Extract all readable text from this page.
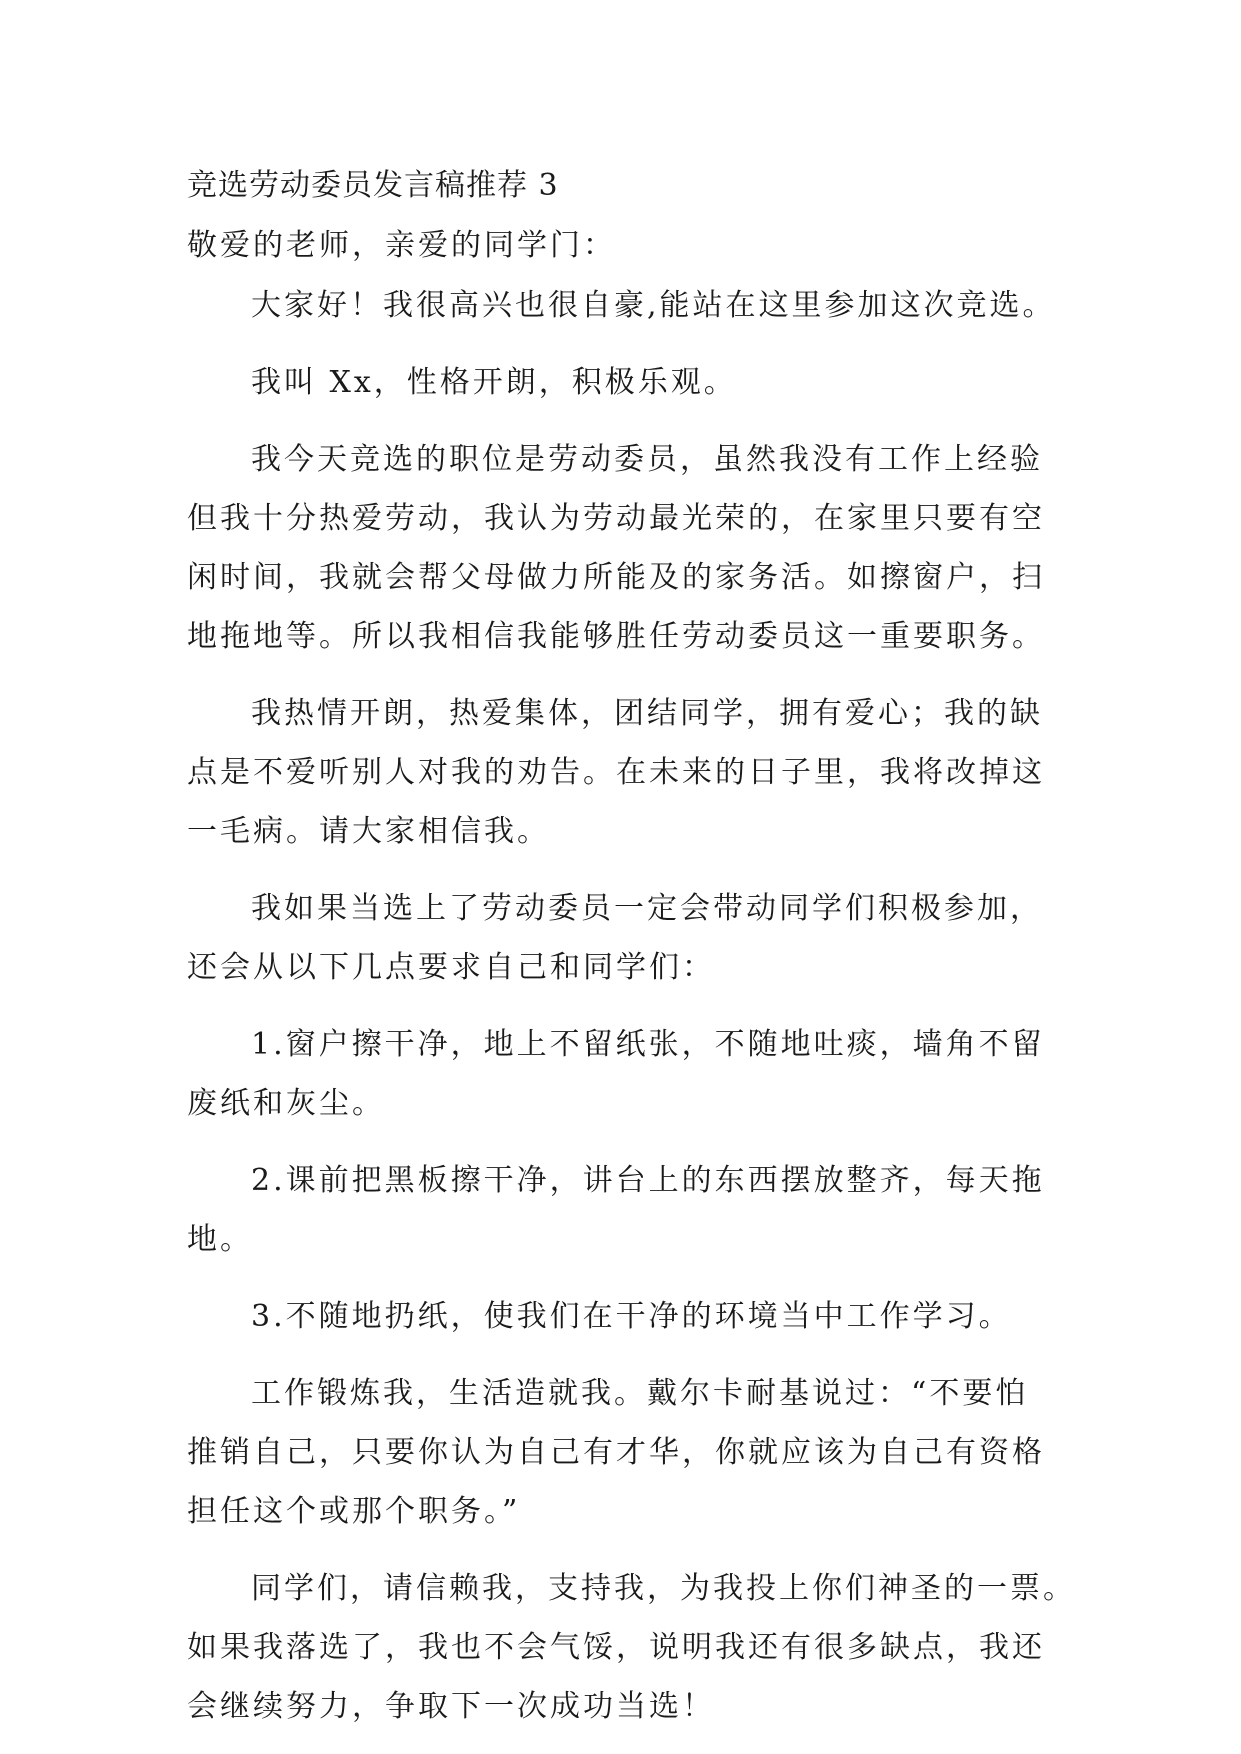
竞选劳动委员发言稿推荐 3
敬爱的老师，亲爱的同学门：
大家好！我很高兴也很自豪,能站在这里参加这次竞选。
我叫 Xx，性格开朗，积极乐观。
我今天竞选的职位是劳动委员，虽然我没有工作上经验
但我十分热爱劳动，我认为劳动最光荣的，在家里只要有空
闲时间，我就会帮父母做力所能及的家务活。如擦窗户，扫
地拖地等。所以我相信我能够胜任劳动委员这一重要职务。
我热情开朗，热爱集体，团结同学，拥有爱心；我的缺
点是不爱听别人对我的劝告。在未来的日子里，我将改掉这
一毛病。请大家相信我。
我如果当选上了劳动委员一定会带动同学们积极参加，
还会从以下几点要求自己和同学们：
1.窗户擦干净，地上不留纸张，不随地吐痰，墙角不留
废纸和灰尘。
2.课前把黑板擦干净，讲台上的东西摆放整齐，每天拖
地。
3.不随地扔纸，使我们在干净的环境当中工作学习。
工作锻炼我，生活造就我。戴尔卡耐基说过：“不要怕
推销自己，只要你认为自己有才华，你就应该为自己有资格
担任这个或那个职务。”
同学们，请信赖我，支持我，为我投上你们神圣的一票。
如果我落选了，我也不会气馁，说明我还有很多缺点，我还
会继续努力，争取下一次成功当选！
